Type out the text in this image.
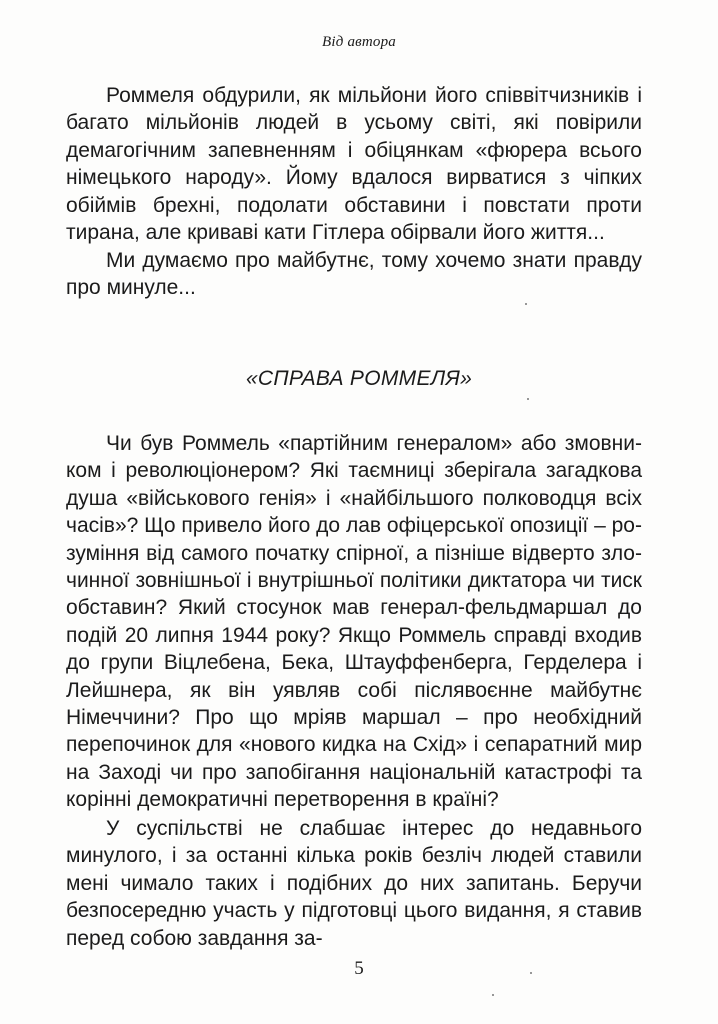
Від автора

Роммеля обдурили, як мільйони його співвітчизників і багато мільйонів людей в усьому світі, які повірили демагогічним запевненням і обіцянкам «фюрера всього німецького народу». Йому вдалося вирватися з чіпких обіймів брехні, подолати обставини і повстати проти тирана, але криваві кати Гітлера обірвали його життя...

Ми думаємо про майбутнє, тому хочемо знати правду про минуле...

«СПРАВА РОММЕЛЯ»

Чи був Роммель «партійним генералом» або змовником і революціонером? Які таємниці зберігала загадкова душа «військового генія» і «найбільшого полководця всіх часів»? Що привело його до лав офіцерської опозиції – розуміння від самого початку спірної, а пізніше відверто злочинної зовнішньої і внутрішньої політики диктатора чи тиск обставин? Який стосунок мав генерал-фельдмаршал до подій 20 липня 1944 року? Якщо Роммель справді входив до групи Віцлебена, Бека, Штауффенберга, Герделера і Лейшнера, як він уявляв собі післявоєнне майбутнє Німеччини? Про що мріяв маршал – про необхідний перепочинок для «нового кидка на Схід» і сепаратний мир на Заході чи про запобігання національній катастрофі та корінні демократичні перетворення в країні?

У суспільстві не слабшає інтерес до недавнього минулого, і за останні кілька років безліч людей ставили мені чимало таких і подібних до них запитань. Беручи безпосередню участь у підготовці цього видання, я ставив перед собою завдання за-

5
